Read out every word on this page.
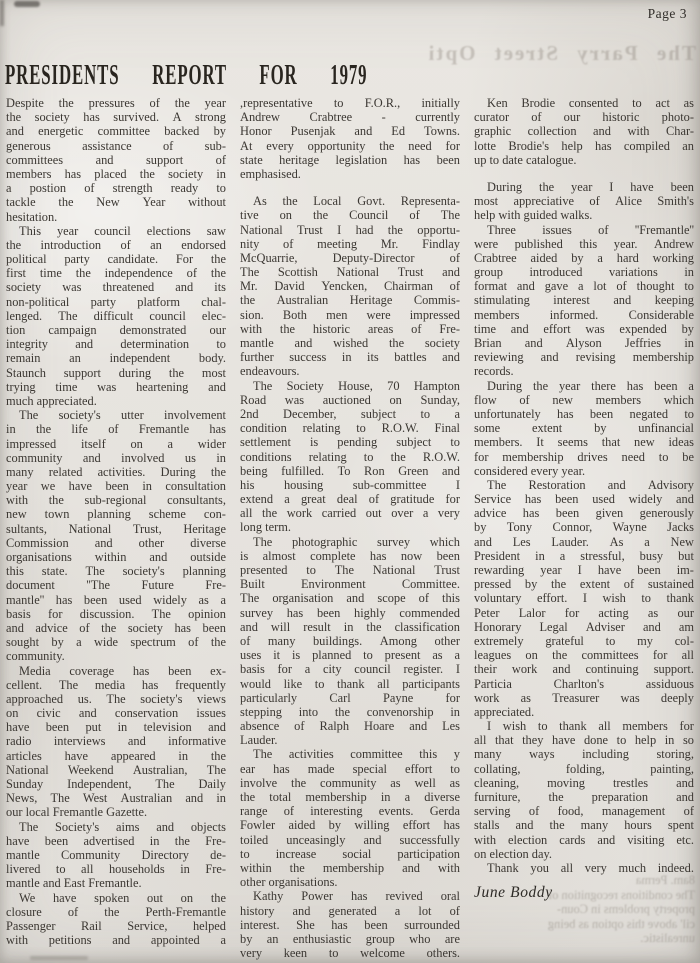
Page 3
The Parry Street Opti
PRESIDENTS REPORT FOR 1979
Despite the pressures of the year
the society has survived. A strong
and energetic committee backed by
generous	assistance	of	sub-
committees	and	support	of
members has placed the society in
a postion of strength ready to
tackle the New Year without
hesitation.
This year council elections saw
the introduction of an endorsed
political party candidate. For the
first time the independence of the
society was threatened and its
non-political party platform chal-
lenged. The difficult council elec-
tion campaign demonstrated our
integrity and determination to
remain an independent body.
Staunch support during the most
trying time was heartening and
much appreciated.
The society's utter involvement
in the life of Fremantle has
impressed itself on a wider
community and involved us in
many related activities. During the
year we have been in consultation
with the sub-regional consultants,
new town planning scheme con-
sultants, National Trust, Heritage
Commission and other diverse
organisations within and outside
this state. The society's planning
document	''The	Future	Fre-
mantle'' has been used widely as a
basis for discussion. The opinion
and advice of the society has been
sought by a wide spectrum of the
community.
Media coverage has been ex-
cellent. The media has frequently
approached us. The society's views
on civic and conservation issues
have been put in television and
radio interviews and informative
articles have appeared in the
National Weekend Australian, The
Sunday Independent, The Daily
News, The West Australian and in
our local Fremantle Gazette.
The Society's aims and objects
have been advertised in the Fre-
mantle Community Directory de-
livered to all households in Fre-
mantle and East Fremantle.
We have spoken out on the
closure of the Perth-Fremantle
Passenger Rail Service, helped
with petitions and appointed a
,representative to F.O.R., initially
Andrew Crabtree - currently
Honor Pusenjak and Ed Towns.
At every opportunity the need for
state heritage legislation has been
emphasised.
As the Local Govt. Representa-
tive on the Council of The
National Trust I had the opportu-
nity of meeting Mr. Findlay
McQuarrie,	Deputy-Director	of
The Scottish National Trust and
Mr. David Yencken, Chairman of
the Australian Heritage Commis-
sion. Both men were impressed
with the historic areas of Fre-
mantle and wished the society
further success in its battles and
endeavours.
The Society House, 70 Hampton
Road was auctioned on Sunday,
2nd December, subject to a
condition relating to R.O.W. Final
settlement is pending subject to
conditions relating to the R.O.W.
being fulfilled. To Ron Green and
his housing sub-committee I
extend a great deal of gratitude for
all the work carried out over a very
long term.
The photographic survey which
is almost complete has now been
presented to The National Trust
Built	Environment	Committee.
The organisation and scope of this
survey has been highly commended
and will result in the classification
of many buildings. Among other
uses it is planned to present as a
basis for a city council register. I
would like to thank all participants
particularly	Carl	Payne	for
stepping into the convenorship in
absence of Ralph Hoare and Les
Lauder.
The activities committee this y
ear has made special effort to
involve the community as well as
the total membership in a diverse
range of interesting events. Gerda
Fowler aided by willing effort has
toiled unceasingly and successfully
to increase social participation
within the membership and with
other organisations.
Kathy Power has revived oral
history and generated a lot of
interest. She has been surrounded
by an enthusiastic group who are
very keen to welcome others.
Ken Brodie consented to act as
curator of our historic photo-
graphic collection and with Char-
lotte Brodie's help has compiled an
up to date catalogue.
During the year I have been
most appreciative of Alice Smith's
help with guided walks.
Three issues of ''Fremantle''
were published this year. Andrew
Crabtree aided by a hard working
group introduced variations in
format and gave a lot of thought to
stimulating interest and keeping
members informed. Considerable
time and effort was expended by
Brian and Alyson Jeffries in
reviewing and revising membership
records.
During the year there has been a
flow of new members which
unfortunately has been negated to
some	extent	by	unfinancial
members. It seems that new ideas
for membership drives need to be
considered every year.
The Restoration and Advisory
Service has been used widely and
advice has been given generously
by Tony Connor, Wayne Jacks
and Les Lauder. As a New
President in a stressful, busy but
rewarding year I have been im-
pressed by the extent of sustained
voluntary effort. I wish to thank
Peter Lalor for acting as our
Honorary Legal Adviser and am
extremely grateful to my col-
leagues on the committees for all
their work and continuing support.
Particia	Charlton's	assiduous
work as Treasurer was deeply
appreciated.
I wish to thank all members for
all that they have done to help in so
many ways including storing,
collating,	folding,	painting,
cleaning, moving trestles and
furniture, the preparation and
serving of food, management of
stalls and the many hours spent
with election cards and visiting etc.
on election day.
Thank you all very much indeed.
June Boddy
8am. Perma
The conditions recognition of
property problems in Coun-
cil' above this option as being
unrealistic.
